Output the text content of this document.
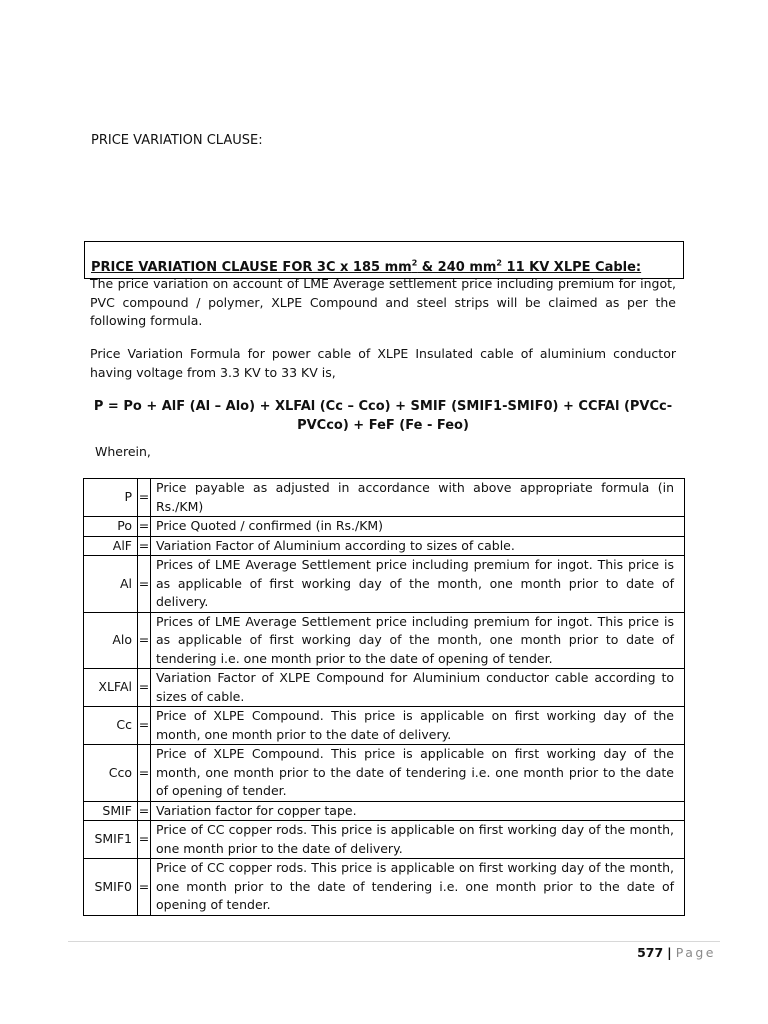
PRICE VARIATION CLAUSE:
PRICE VARIATION CLAUSE FOR 3C x 185 $mm^2$ & 240 $mm^2$ 11 KV XLPE Cable:
The price variation on account of LME Average settlement price including premium for ingot, PVC compound / polymer, XLPE Compound and steel strips will be claimed as per the following formula.
Price Variation Formula for power cable of XLPE Insulated cable of aluminium conductor having voltage from 3.3 KV to 33 KV is,
P = Po + AlF (Al – Alo) + XLFAl (Cc – Cco) + SMIF (SMIF1-SMIF0) + CCFAl (PVCc-PVCco) + FeF (Fe - Feo)
Wherein,
P	=	Price payable as adjusted in accordance with above appropriate formula (in Rs./KM)
Po	=	Price Quoted / confirmed (in Rs./KM)
AlF	=	Variation Factor of Aluminium according to sizes of cable.
Al	=	Prices of LME Average Settlement price including premium for ingot. This price is as applicable of first working day of the month, one month prior to date of delivery.
Alo	=	Prices of LME Average Settlement price including premium for ingot. This price is as applicable of first working day of the month, one month prior to date of tendering i.e. one month prior to the date of opening of tender.
XLFAl	=	Variation Factor of XLPE Compound for Aluminium conductor cable according to sizes of cable.
Cc	=	Price of XLPE Compound. This price is applicable on first working day of the month, one month prior to the date of delivery.
Cco	=	Price of XLPE Compound. This price is applicable on first working day of the month, one month prior to the date of tendering i.e. one month prior to the date of opening of tender.
SMIF	=	Variation factor for copper tape.
SMIF1	=	Price of CC copper rods. This price is applicable on first working day of the month, one month prior to the date of delivery.
SMIF0	=	Price of CC copper rods. This price is applicable on first working day of the month, one month prior to the date of tendering i.e. one month prior to the date of opening of tender.
577 | Page
